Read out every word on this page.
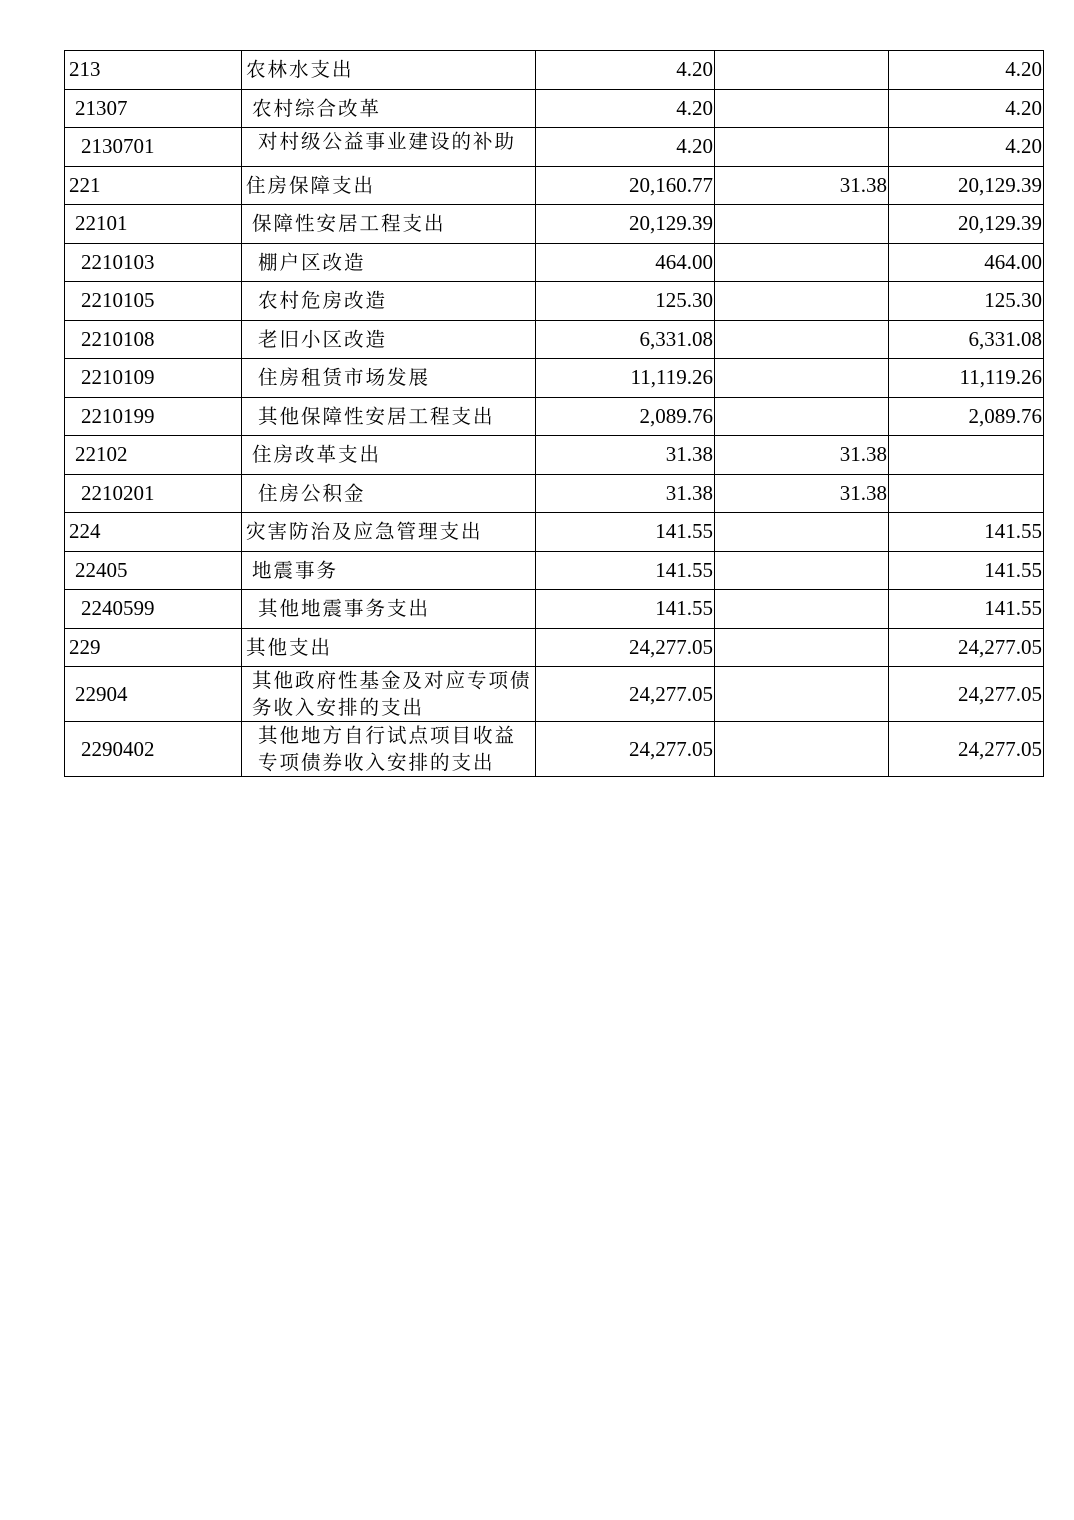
213	农林水支出	4.20		4.20
21307	农村综合改革	4.20		4.20
2130701	对村级公益事业建设的补助	4.20		4.20
221	住房保障支出	20,160.77	31.38	20,129.39
22101	保障性安居工程支出	20,129.39		20,129.39
2210103	棚户区改造	464.00		464.00
2210105	农村危房改造	125.30		125.30
2210108	老旧小区改造	6,331.08		6,331.08
2210109	住房租赁市场发展	11,119.26		11,119.26
2210199	其他保障性安居工程支出	2,089.76		2,089.76
22102	住房改革支出	31.38	31.38	
2210201	住房公积金	31.38	31.38	
224	灾害防治及应急管理支出	141.55		141.55
22405	地震事务	141.55		141.55
2240599	其他地震事务支出	141.55		141.55
229	其他支出	24,277.05		24,277.05
22904	其他政府性基金及对应专项债务收入安排的支出	24,277.05		24,277.05
2290402	其他地方自行试点项目收益专项债券收入安排的支出	24,277.05		24,277.05
